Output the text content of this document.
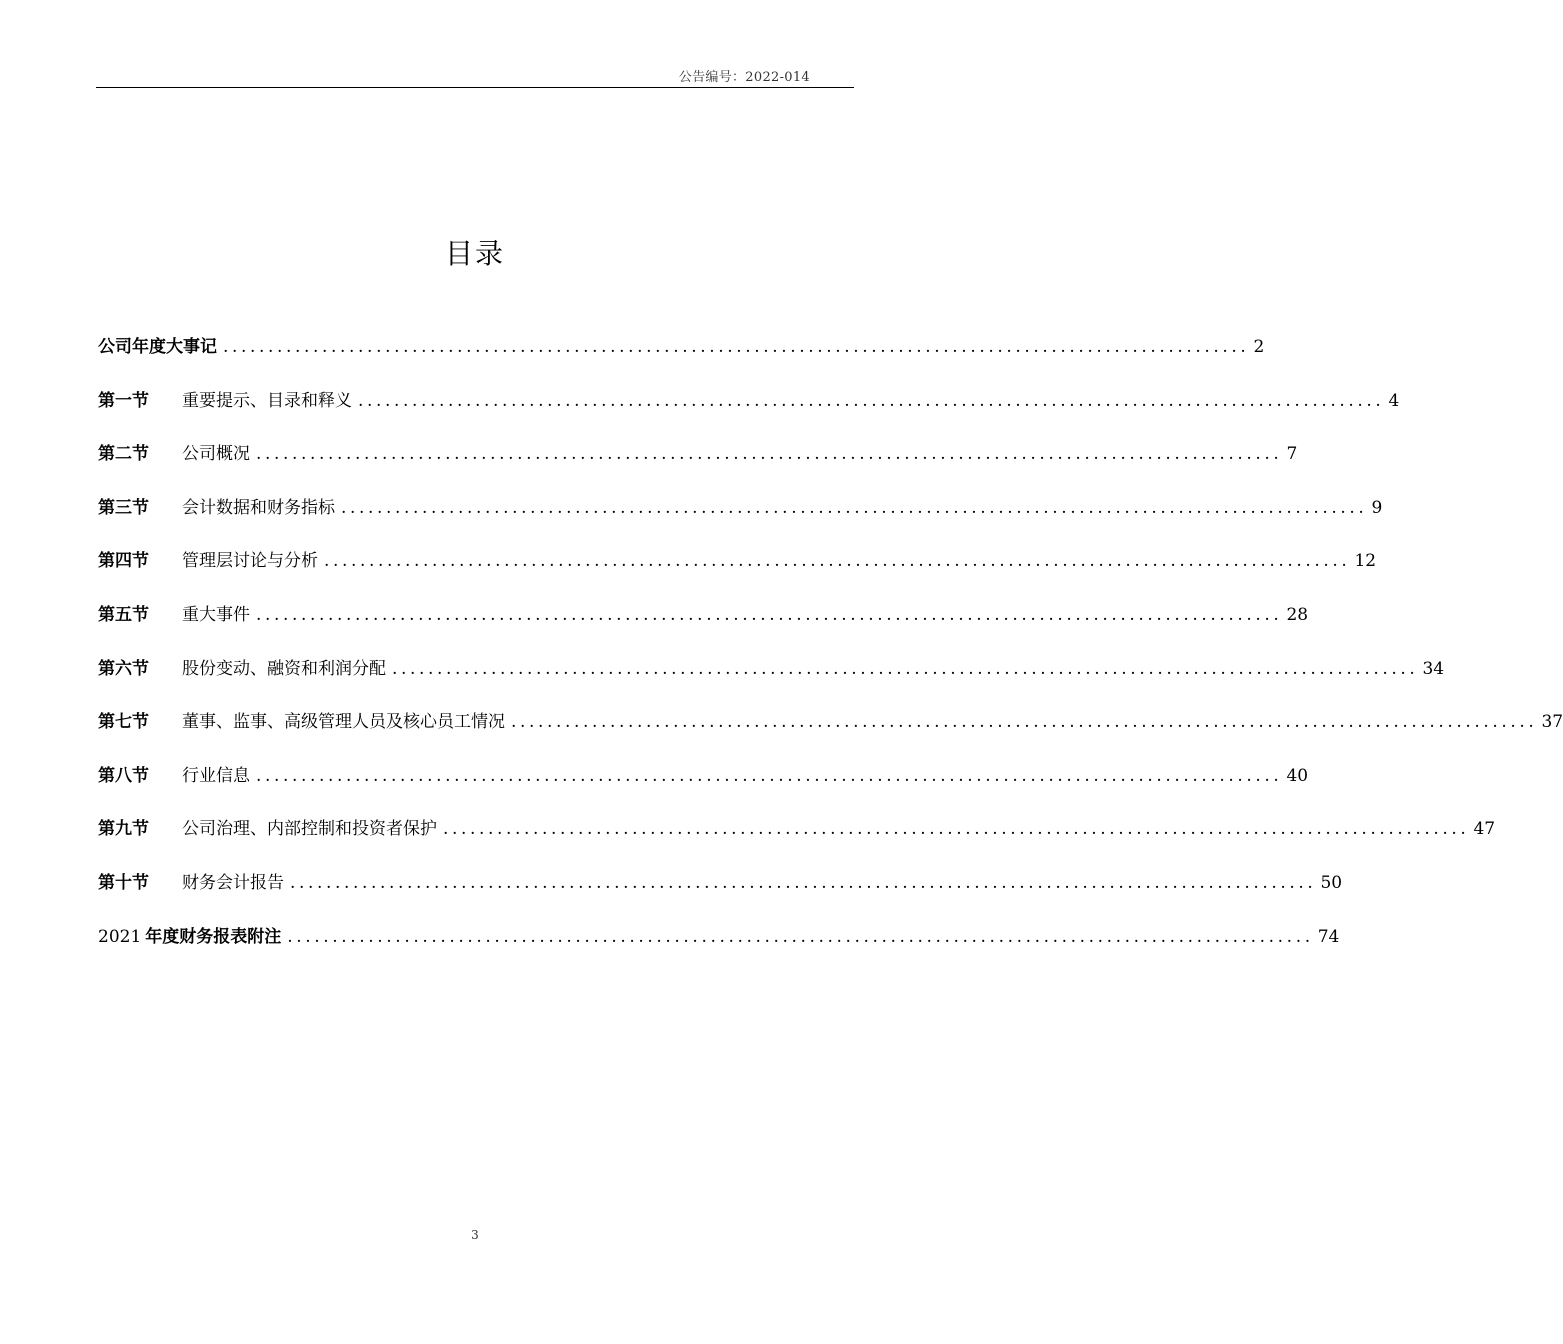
公告编号：2022-014
目录
公司年度大事记 .................................................................................................................. 2
第一节	重要提示、目录和释义 .................................................................................................................. 4
第二节	公司概况 .................................................................................................................. 7
第三节	会计数据和财务指标 .................................................................................................................. 9
第四节	管理层讨论与分析 .................................................................................................................. 12
第五节	重大事件 .................................................................................................................. 28
第六节	股份变动、融资和利润分配 .................................................................................................................. 34
第七节	董事、监事、高级管理人员及核心员工情况 .................................................................................................................. 37
第八节	行业信息 .................................................................................................................. 40
第九节	公司治理、内部控制和投资者保护 .................................................................................................................. 47
第十节	财务会计报告 .................................................................................................................. 50
2021 年度财务报表附注 .................................................................................................................. 74
3
